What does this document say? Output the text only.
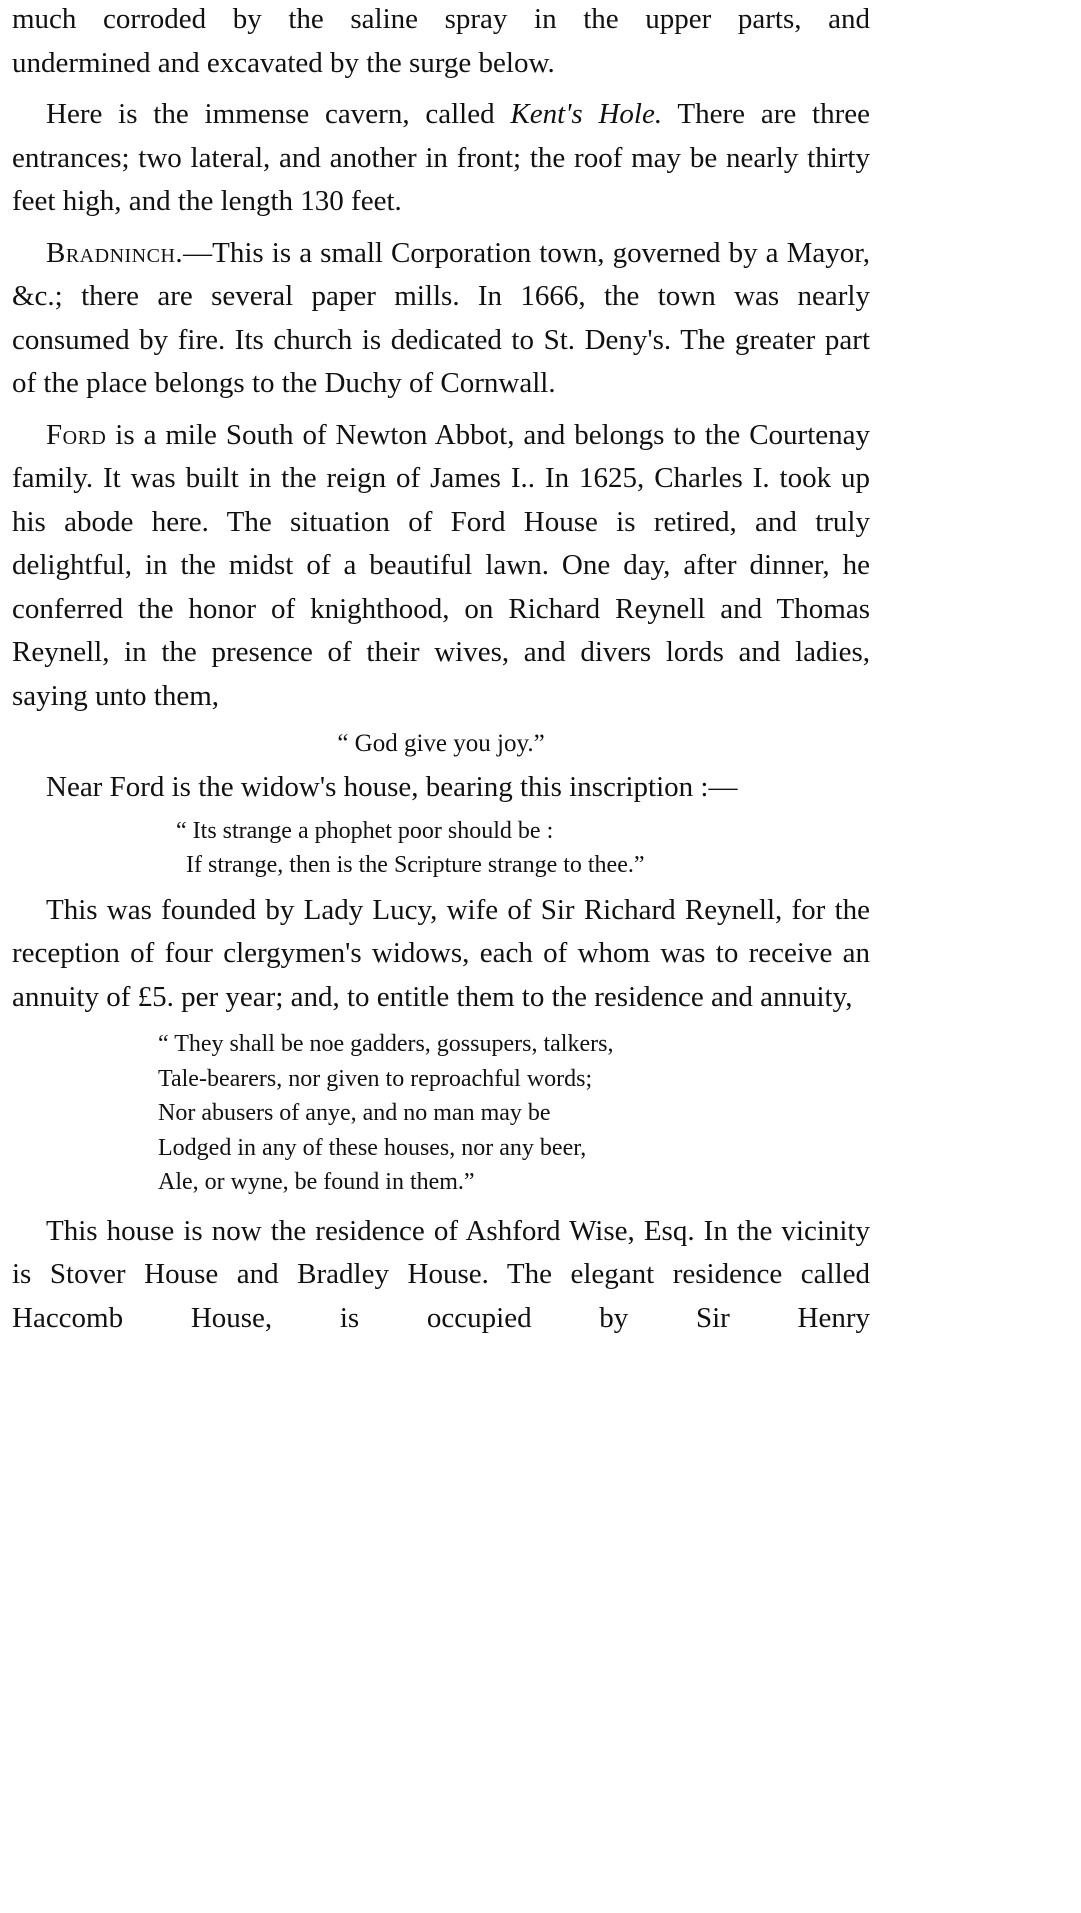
much corroded by the saline spray in the upper parts, and
undermined and excavated by the surge below.

Here is the immense cavern, called Kent's Hole. There are three entrances; two lateral, and another in front; the roof may be nearly thirty feet high, and the length 130 feet.

Bradninch.—This is a small Corporation town, governed by a Mayor, &c.; there are several paper mills. In 1666, the town was nearly consumed by fire. Its church is dedicated to St. Deny's. The greater part of the place belongs to the Duchy of Cornwall.

Ford is a mile South of Newton Abbot, and belongs to the Courtenay family. It was built in the reign of James I.. In 1625, Charles I. took up his abode here. The situation of Ford House is retired, and truly delightful, in the midst of a beautiful lawn. One day, after dinner, he conferred the honor of knighthood, on Richard Reynell and Thomas Reynell, in the presence of their wives, and divers lords and ladies, saying unto them,

“ God give you joy.”

Near Ford is the widow's house, bearing this inscription :—

“ Its strange a phophet poor should be :
If strange, then is the Scripture strange to thee.”

This was founded by Lady Lucy, wife of Sir Richard Reynell, for the reception of four clergymen's widows, each of whom was to receive an annuity of £5. per year; and, to entitle them to the residence and annuity,

“ They shall be noe gadders, gossupers, talkers,
Tale-bearers, nor given to reproachful words;
Nor abusers of anye, and no man may be
Lodged in any of these houses, nor any beer,
Ale, or wyne, be found in them.”

This house is now the residence of Ashford Wise, Esq. In the vicinity is Stover House and Bradley House. The elegant residence called Haccomb House, is occupied by Sir Henry
